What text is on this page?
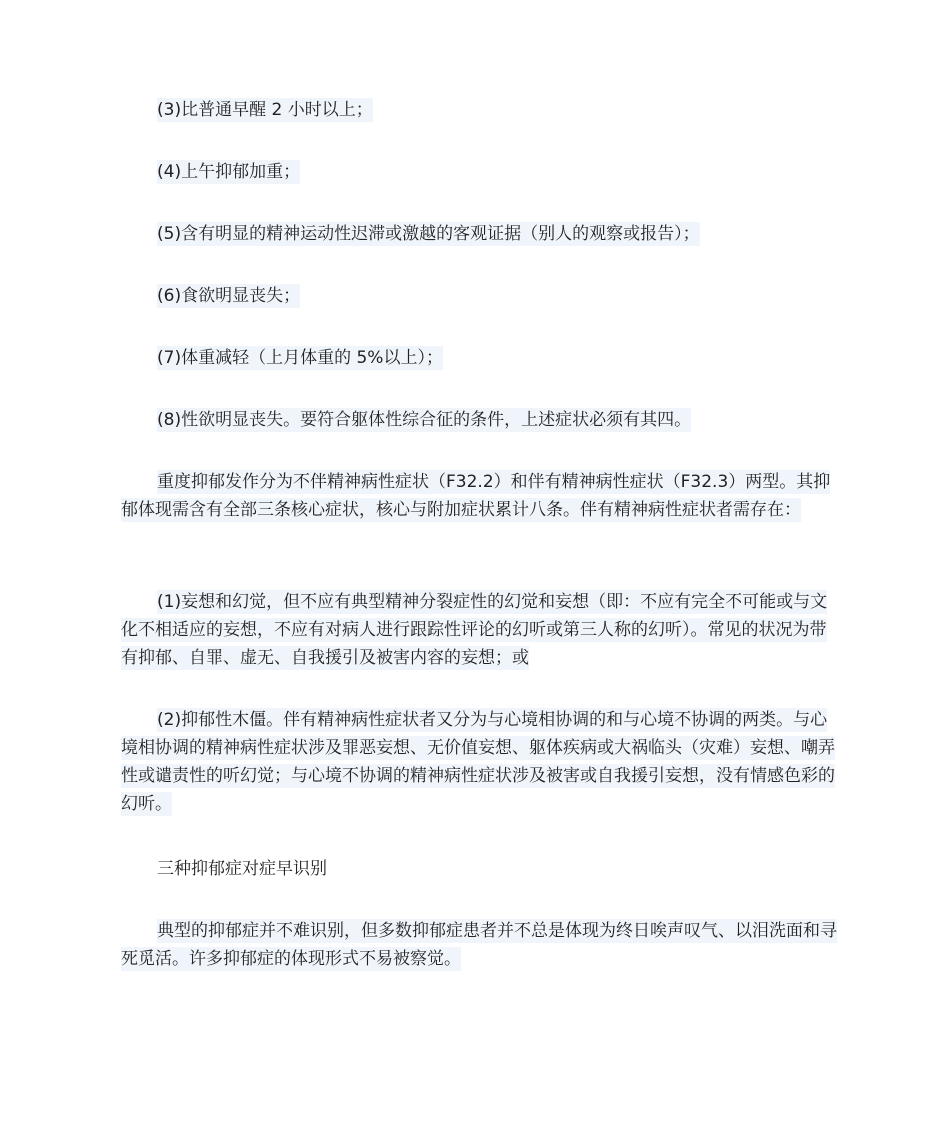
(3)比普通早醒 2 小时以上；

(4)上午抑郁加重；

(5)含有明显的精神运动性迟滞或激越的客观证据（别人的观察或报告）；

(6)食欲明显丧失；

(7)体重减轻（上月体重的 5%以上）；

(8)性欲明显丧失。要符合躯体性综合征的条件，上述症状必须有其四。

重度抑郁发作分为不伴精神病性症状（F32.2）和伴有精神病性症状（F32.3）两型。其抑郁体现需含有全部三条核心症状，核心与附加症状累计八条。伴有精神病性症状者需存在：

(1)妄想和幻觉，但不应有典型精神分裂症性的幻觉和妄想（即：不应有完全不可能或与文化不相适应的妄想，不应有对病人进行跟踪性评论的幻听或第三人称的幻听）。常见的状况为带有抑郁、自罪、虚无、自我援引及被害内容的妄想；或

(2)抑郁性木僵。伴有精神病性症状者又分为与心境相协调的和与心境不协调的两类。与心境相协调的精神病性症状涉及罪恶妄想、无价值妄想、躯体疾病或大祸临头（灾难）妄想、嘲弄性或谴责性的听幻觉；与心境不协调的精神病性症状涉及被害或自我援引妄想，没有情感色彩的幻听。

三种抑郁症对症早识别

典型的抑郁症并不难识别，但多数抑郁症患者并不总是体现为终日唉声叹气、以泪洗面和寻死觅活。许多抑郁症的体现形式不易被察觉。
